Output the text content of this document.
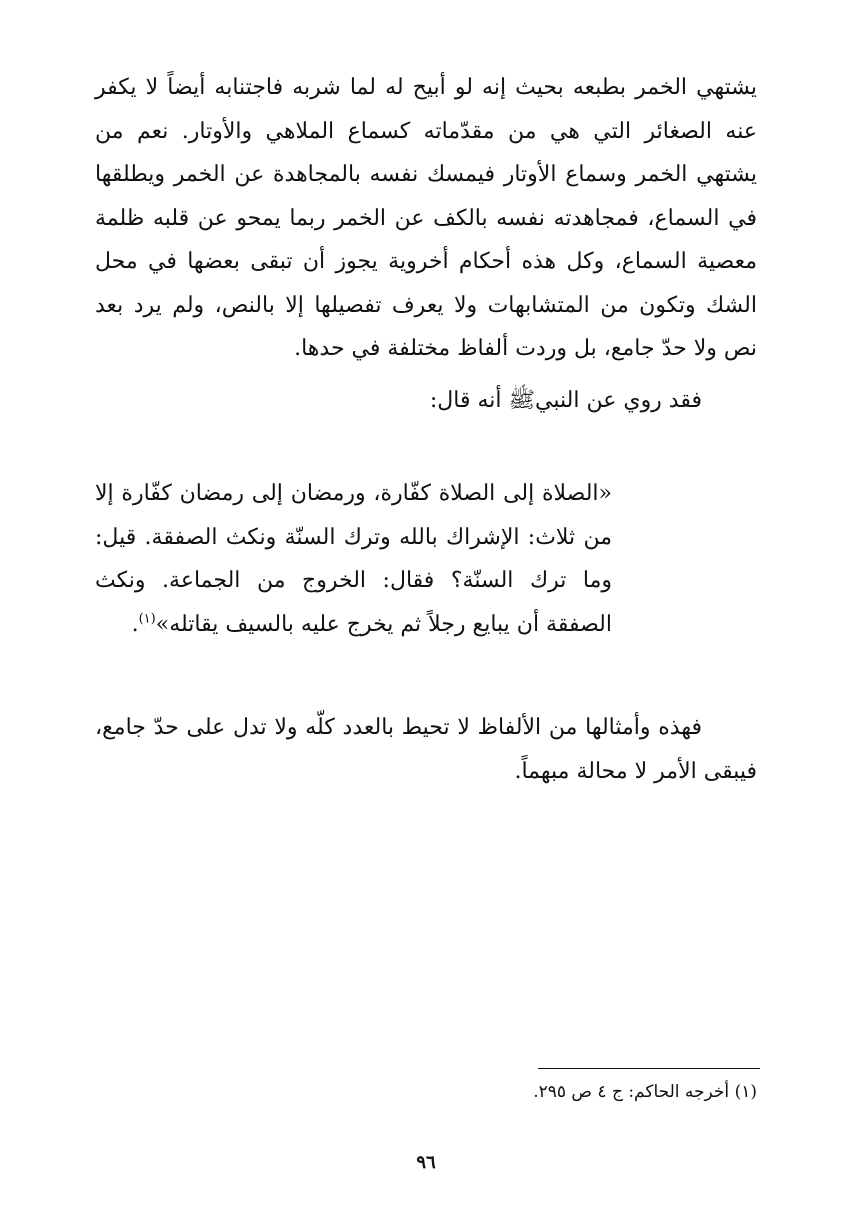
يشتهي الخمر بطبعه بحيث إنه لو أبيح له لما شربه فاجتنابه أيضاً لا يكفر عنه الصغائر التي هي من مقدّماته كسماع الملاهي والأوتار. نعم من يشتهي الخمر وسماع الأوتار فيمسك نفسه بالمجاهدة عن الخمر ويطلقها في السماع، فمجاهدته نفسه بالكف عن الخمر ربما يمحو عن قلبه ظلمة معصية السماع، وكل هذه أحكام أخروية يجوز أن تبقى بعضها في محل الشك وتكون من المتشابهات ولا يعرف تفصيلها إلا بالنص، ولم يرد بعد نص ولا حدّ جامع، بل وردت ألفاظ مختلفة في حدها.

فقد روي عن النبيﷺ أنه قال:

«الصلاة إلى الصلاة كفّارة، ورمضان إلى رمضان كفّارة إلا من ثلاث: الإشراك بالله وترك السنّة ونكث الصفقة. قيل: وما ترك السنّة؟ فقال: الخروج من الجماعة. ونكث الصفقة أن يبايع رجلاً ثم يخرج عليه بالسيف يقاتله»$^{(١)}$.
فهذه وأمثالها من الألفاظ لا تحيط بالعدد كلّه ولا تدل على حدّ جامع، فيبقى الأمر لا محالة مبهماً.
(١) أخرجه الحاكم: ج ٤ ص ٢٩٥.
٩٦
